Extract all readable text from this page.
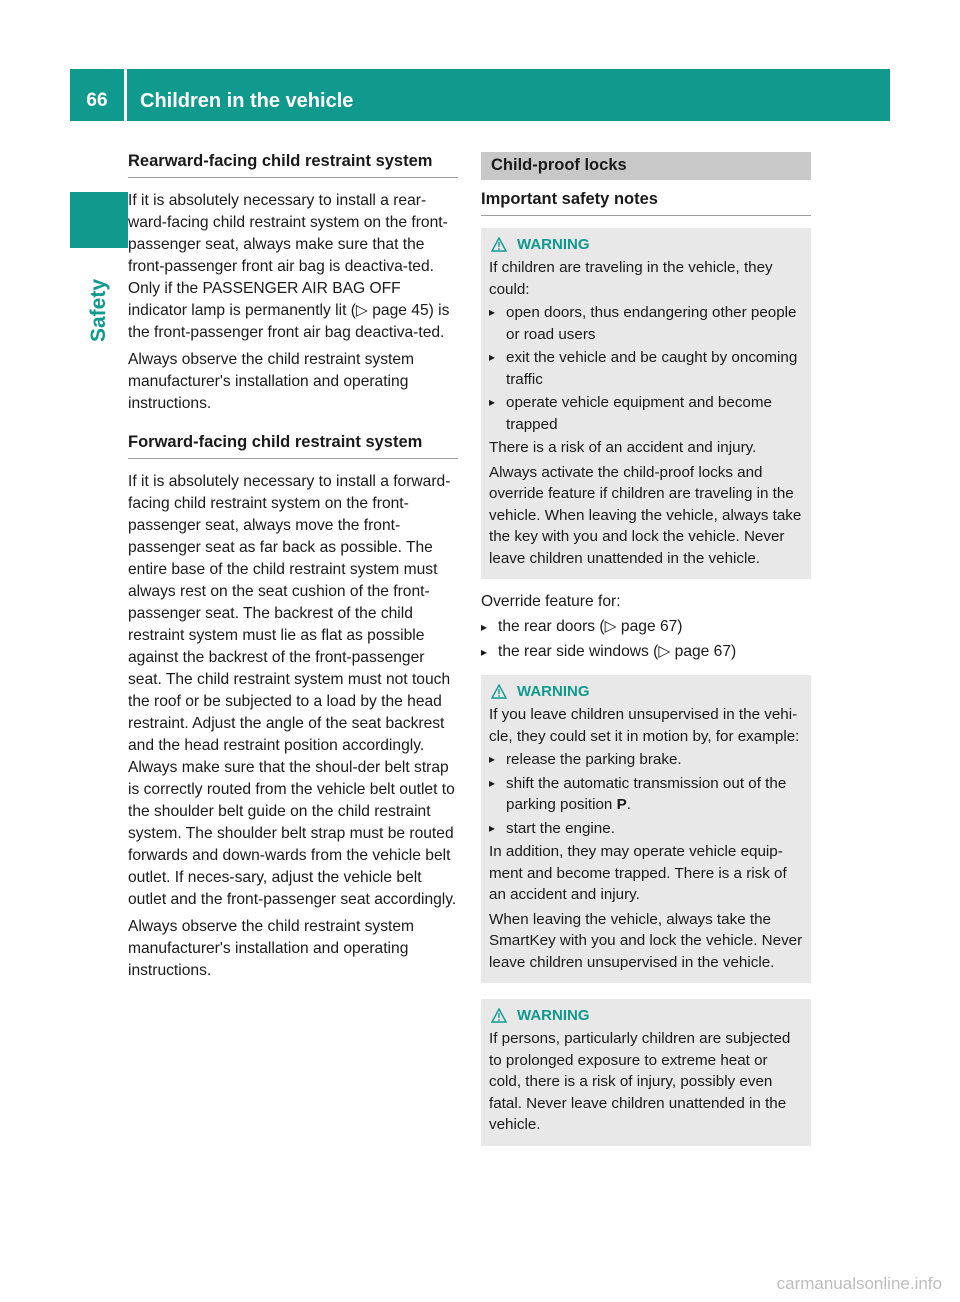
66	Children in the vehicle
Safety
Rearward-facing child restraint system

If it is absolutely necessary to install a rear-ward-facing child restraint system on the front-passenger seat, always make sure that the front-passenger front air bag is deactiva-ted. Only if the PASSENGER AIR BAG OFF indicator lamp is permanently lit (▷ page 45) is the front-passenger front air bag deactiva-ted.

Always observe the child restraint system manufacturer's installation and operating instructions.

Forward-facing child restraint system

If it is absolutely necessary to install a forward-facing child restraint system on the front-passenger seat, always move the front-passenger seat as far back as possible. The entire base of the child restraint system must always rest on the seat cushion of the front-passenger seat. The backrest of the child restraint system must lie as flat as possible against the backrest of the front-passenger seat. The child restraint system must not touch the roof or be subjected to a load by the head restraint. Adjust the angle of the seat backrest and the head restraint position accordingly. Always make sure that the shoul-der belt strap is correctly routed from the vehicle belt outlet to the shoulder belt guide on the child restraint system. The shoulder belt strap must be routed forwards and down-wards from the vehicle belt outlet. If neces-sary, adjust the vehicle belt outlet and the front-passenger seat accordingly.

Always observe the child restraint system manufacturer's installation and operating instructions.

Child-proof locks
Important safety notes
WARNING

If children are traveling in the vehicle, they could:

▸ open doors, thus endangering other people or road users
▸ exit the vehicle and be caught by oncoming traffic
▸ operate vehicle equipment and become trapped

There is a risk of an accident and injury.

Always activate the child-proof locks and override feature if children are traveling in the vehicle. When leaving the vehicle, always take the key with you and lock the vehicle. Never leave children unattended in the vehicle.

Override feature for:

▸ the rear doors (▷ page 67)
▸ the rear side windows (▷ page 67)
WARNING

If you leave children unsupervised in the vehi-cle, they could set it in motion by, for example:

▸ release the parking brake.
▸ shift the automatic transmission out of the parking position P.
▸ start the engine.

In addition, they may operate vehicle equip-ment and become trapped. There is a risk of an accident and injury.

When leaving the vehicle, always take the SmartKey with you and lock the vehicle. Never leave children unsupervised in the vehicle.

WARNING

If persons, particularly children are subjected to prolonged exposure to extreme heat or cold, there is a risk of injury, possibly even fatal. Never leave children unattended in the vehicle.

carmanualsonline.info
